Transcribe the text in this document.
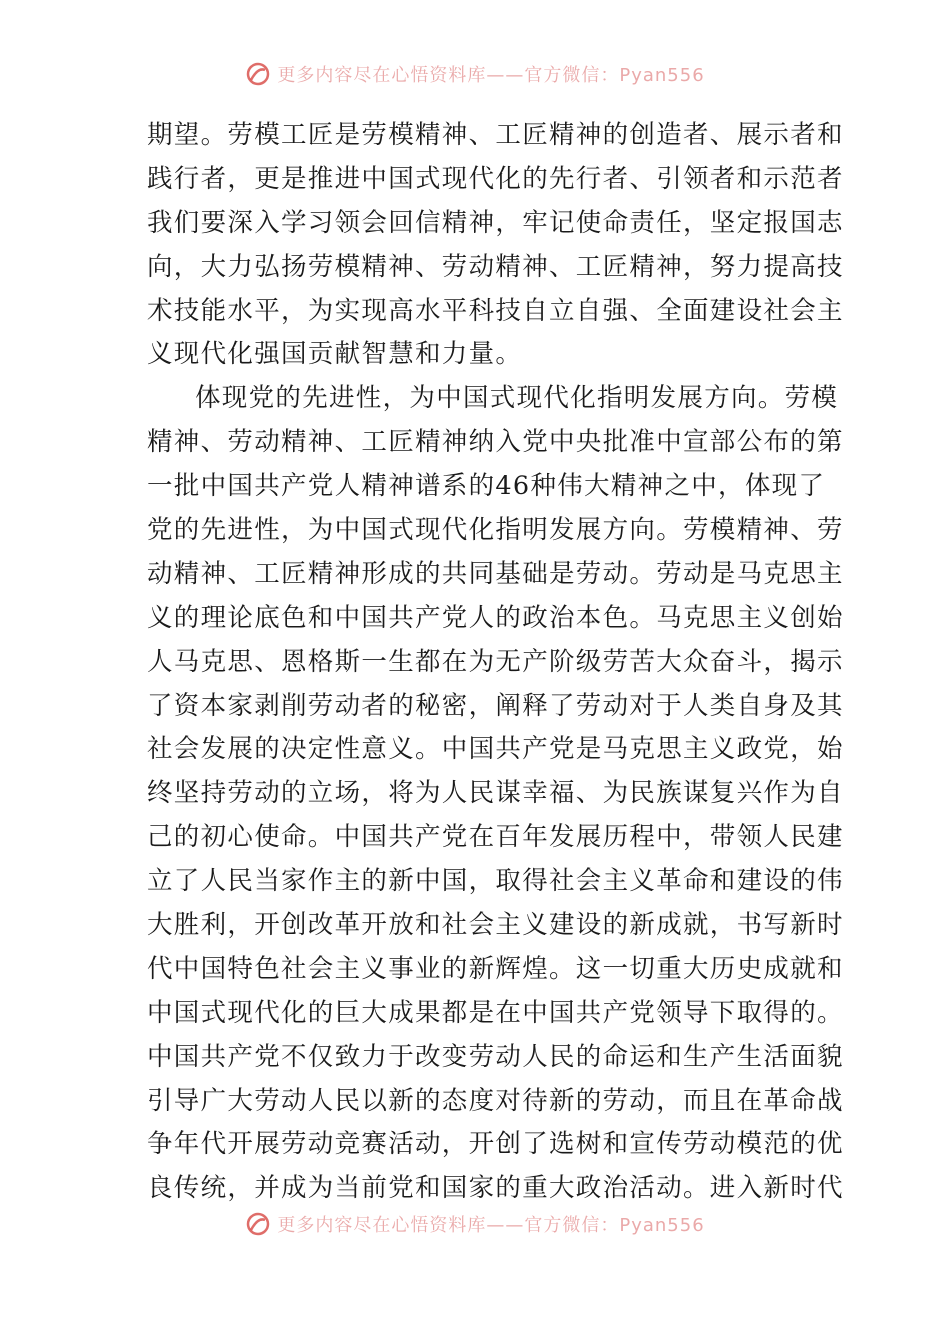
更多内容尽在心悟资料库——官方微信：Pyan556
期望。劳模工匠是劳模精神、工匠精神的创造者、展示者和
践行者，更是推进中国式现代化的先行者、引领者和示范者
我们要深入学习领会回信精神，牢记使命责任，坚定报国志
向，大力弘扬劳模精神、劳动精神、工匠精神，努力提高技
术技能水平，为实现高水平科技自立自强、全面建设社会主
义现代化强国贡献智慧和力量。
体现党的先进性，为中国式现代化指明发展方向。劳模
精神、劳动精神、工匠精神纳入党中央批准中宣部公布的第
一批中国共产党人精神谱系的46种伟大精神之中，体现了
党的先进性，为中国式现代化指明发展方向。劳模精神、劳
动精神、工匠精神形成的共同基础是劳动。劳动是马克思主
义的理论底色和中国共产党人的政治本色。马克思主义创始
人马克思、恩格斯一生都在为无产阶级劳苦大众奋斗，揭示
了资本家剥削劳动者的秘密，阐释了劳动对于人类自身及其
社会发展的决定性意义。中国共产党是马克思主义政党，始
终坚持劳动的立场，将为人民谋幸福、为民族谋复兴作为自
己的初心使命。中国共产党在百年发展历程中，带领人民建
立了人民当家作主的新中国，取得社会主义革命和建设的伟
大胜利，开创改革开放和社会主义建设的新成就，书写新时
代中国特色社会主义事业的新辉煌。这一切重大历史成就和
中国式现代化的巨大成果都是在中国共产党领导下取得的。
中国共产党不仅致力于改变劳动人民的命运和生产生活面貌
引导广大劳动人民以新的态度对待新的劳动，而且在革命战
争年代开展劳动竞赛活动，开创了选树和宣传劳动模范的优
良传统，并成为当前党和国家的重大政治活动。进入新时代
更多内容尽在心悟资料库——官方微信：Pyan556
